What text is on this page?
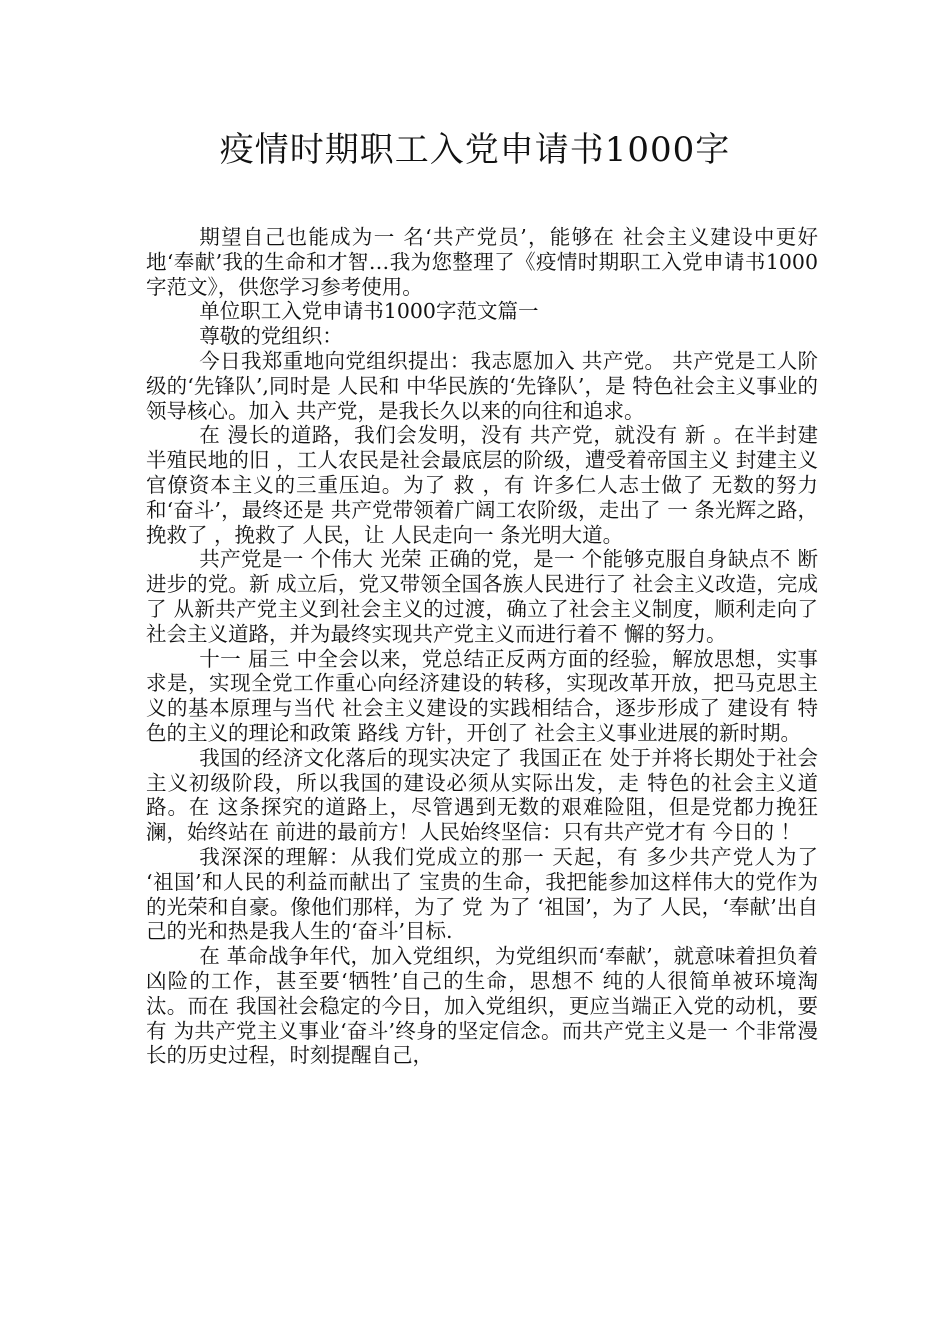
疫情时期职工入党申请书1000字

期望自己也能成为一 名‘共产党员’，能够在 社会主义建设中更好地‘奉献’我的生命和才智…我为您整理了《疫情时期职工入党申请书1000字范文》，供您学习参考使用。

单位职工入党申请书1000字范文篇一

尊敬的党组织：

今日我郑重地向党组织提出：我志愿加入 共产党。 共产党是工人阶级的‘先锋队’,同时是 人民和 中华民族的‘先锋队’，是 特色社会主义事业的领导核心。加入 共产党，是我长久以来的向往和追求。

在 漫长的道路，我们会发明，没有 共产党，就没有 新 。在半封建半殖民地的旧 ，工人农民是社会最底层的阶级，遭受着帝国主义 封建主义 官僚资本主义的三重压迫。为了 救 ，有 许多仁人志士做了 无数的努力和‘奋斗’，最终还是 共产党带领着广阔工农阶级，走出了 一 条光辉之路，挽救了 ，挽救了 人民，让 人民走向一 条光明大道。

共产党是一 个伟大 光荣 正确的党，是一 个能够克服自身缺点不 断进步的党。新 成立后，党又带领全国各族人民进行了 社会主义改造，完成了 从新共产党主义到社会主义的过渡，确立了社会主义制度，顺利走向了 社会主义道路，并为最终实现共产党主义而进行着不 懈的努力。

十一 届三 中全会以来，党总结正反两方面的经验，解放思想，实事求是，实现全党工作重心向经济建设的转移，实现改革开放，把马克思主义的基本原理与当代 社会主义建设的实践相结合，逐步形成了 建设有 特色的主义的理论和政策 路线 方针，开创了 社会主义事业进展的新时期。

我国的经济文化落后的现实决定了 我国正在 处于并将长期处于社会主义初级阶段，所以我国的建设必须从实际出发，走 特色的社会主义道路。在 这条探究的道路上，尽管遇到无数的艰难险阻，但是党都力挽狂澜，始终站在 前进的最前方！人民始终坚信：只有共产党才有 今日的 ！

我深深的理解：从我们党成立的那一 天起，有 多少共产党人为了 ‘祖国’和人民的利益而献出了 宝贵的生命，我把能参加这样伟大的党作为的光荣和自豪。像他们那样，为了 党 为了 ‘祖国’，为了 人民，‘奉献’出自己的光和热是我人生的‘奋斗’目标.

在 革命战争年代，加入党组织，为党组织而‘奉献’，就意味着担负着凶险的工作，甚至要‘牺牲’自己的生命，思想不 纯的人很简单被环境淘汰。而在 我国社会稳定的今日，加入党组织，更应当端正入党的动机，要有 为共产党主义事业‘奋斗’终身的坚定信念。而共产党主义是一 个非常漫长的历史过程，时刻提醒自己，
